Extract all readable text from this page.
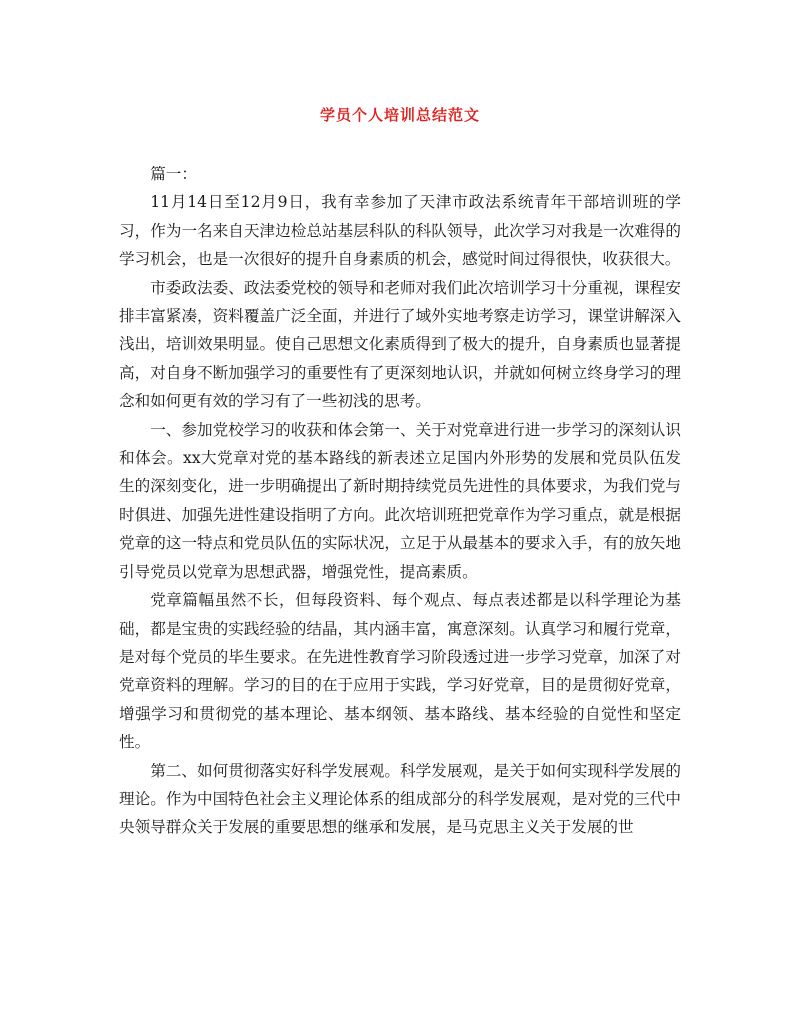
学员个人培训总结范文

篇一：

11月14日至12月9日，我有幸参加了天津市政法系统青年干部培训班的学习，作为一名来自天津边检总站基层科队的科队领导，此次学习对我是一次难得的学习机会，也是一次很好的提升自身素质的机会，感觉时间过得很快，收获很大。

市委政法委、政法委党校的领导和老师对我们此次培训学习十分重视，课程安排丰富紧凑，资料覆盖广泛全面，并进行了域外实地考察走访学习，课堂讲解深入浅出，培训效果明显。使自己思想文化素质得到了极大的提升，自身素质也显著提高，对自身不断加强学习的重要性有了更深刻地认识，并就如何树立终身学习的理念和如何更有效的学习有了一些初浅的思考。

一、参加党校学习的收获和体会第一、关于对党章进行进一步学习的深刻认识和体会。xx大党章对党的基本路线的新表述立足国内外形势的发展和党员队伍发生的深刻变化，进一步明确提出了新时期持续党员先进性的具体要求，为我们党与时俱进、加强先进性建设指明了方向。此次培训班把党章作为学习重点，就是根据党章的这一特点和党员队伍的实际状况，立足于从最基本的要求入手，有的放矢地引导党员以党章为思想武器，增强党性，提高素质。

党章篇幅虽然不长，但每段资料、每个观点、每点表述都是以科学理论为基础，都是宝贵的实践经验的结晶，其内涵丰富，寓意深刻。认真学习和履行党章，是对每个党员的毕生要求。在先进性教育学习阶段透过进一步学习党章，加深了对党章资料的理解。学习的目的在于应用于实践，学习好党章，目的是贯彻好党章，增强学习和贯彻党的基本理论、基本纲领、基本路线、基本经验的自觉性和坚定性。

第二、如何贯彻落实好科学发展观。科学发展观，是关于如何实现科学发展的理论。作为中国特色社会主义理论体系的组成部分的科学发展观，是对党的三代中央领导群众关于发展的重要思想的继承和发展，是马克思主义关于发展的世
